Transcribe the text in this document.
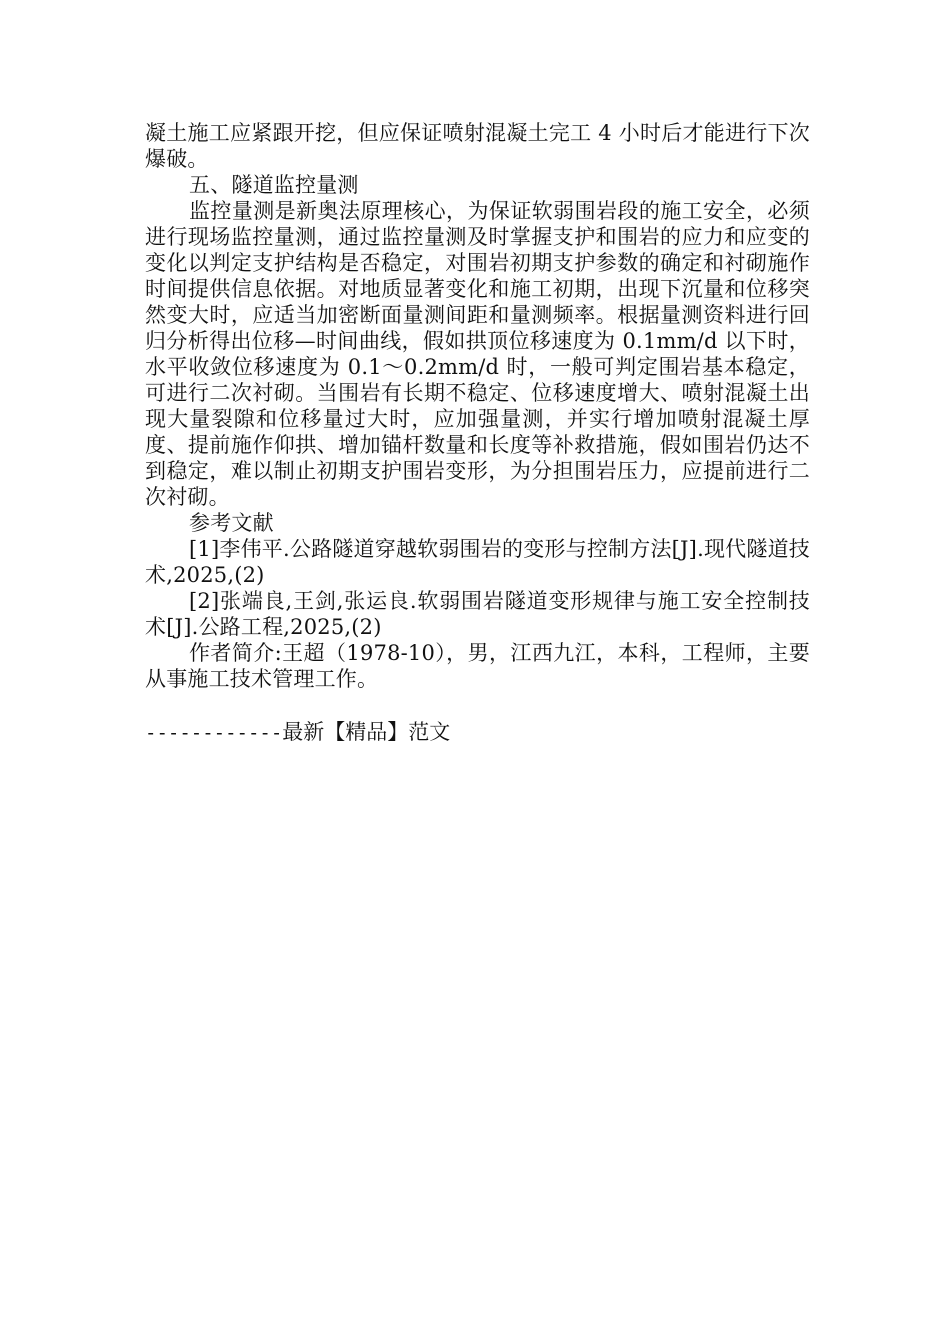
凝土施工应紧跟开挖，但应保证喷射混凝土完工 4 小时后才能进行下次爆破。

五、隧道监控量测

监控量测是新奥法原理核心，为保证软弱围岩段的施工安全，必须进行现场监控量测，通过监控量测及时掌握支护和围岩的应力和应变的变化以判定支护结构是否稳定，对围岩初期支护参数的确定和衬砌施作时间提供信息依据。对地质显著变化和施工初期，出现下沉量和位移突然变大时，应适当加密断面量测间距和量测频率。根据量测资料进行回归分析得出位移—时间曲线，假如拱顶位移速度为 0.1mm/d 以下时，水平收敛位移速度为 0.1～0.2mm/d 时，一般可判定围岩基本稳定，可进行二次衬砌。当围岩有长期不稳定、位移速度增大、喷射混凝土出现大量裂隙和位移量过大时，应加强量测，并实行增加喷射混凝土厚度、提前施作仰拱、增加锚杆数量和长度等补救措施，假如围岩仍达不到稳定，难以制止初期支护围岩变形，为分担围岩压力，应提前进行二次衬砌。

参考文献

[1]李伟平.公路隧道穿越软弱围岩的变形与控制方法[J].现代隧道技术,2025,(2)

[2]张端良,王剑,张运良.软弱围岩隧道变形规律与施工安全控制技术[J].公路工程,2025,(2)

作者简介:王超（1978-10），男，江西九江，本科，工程师，主要从事施工技术管理工作。

------------最新【精品】范文
